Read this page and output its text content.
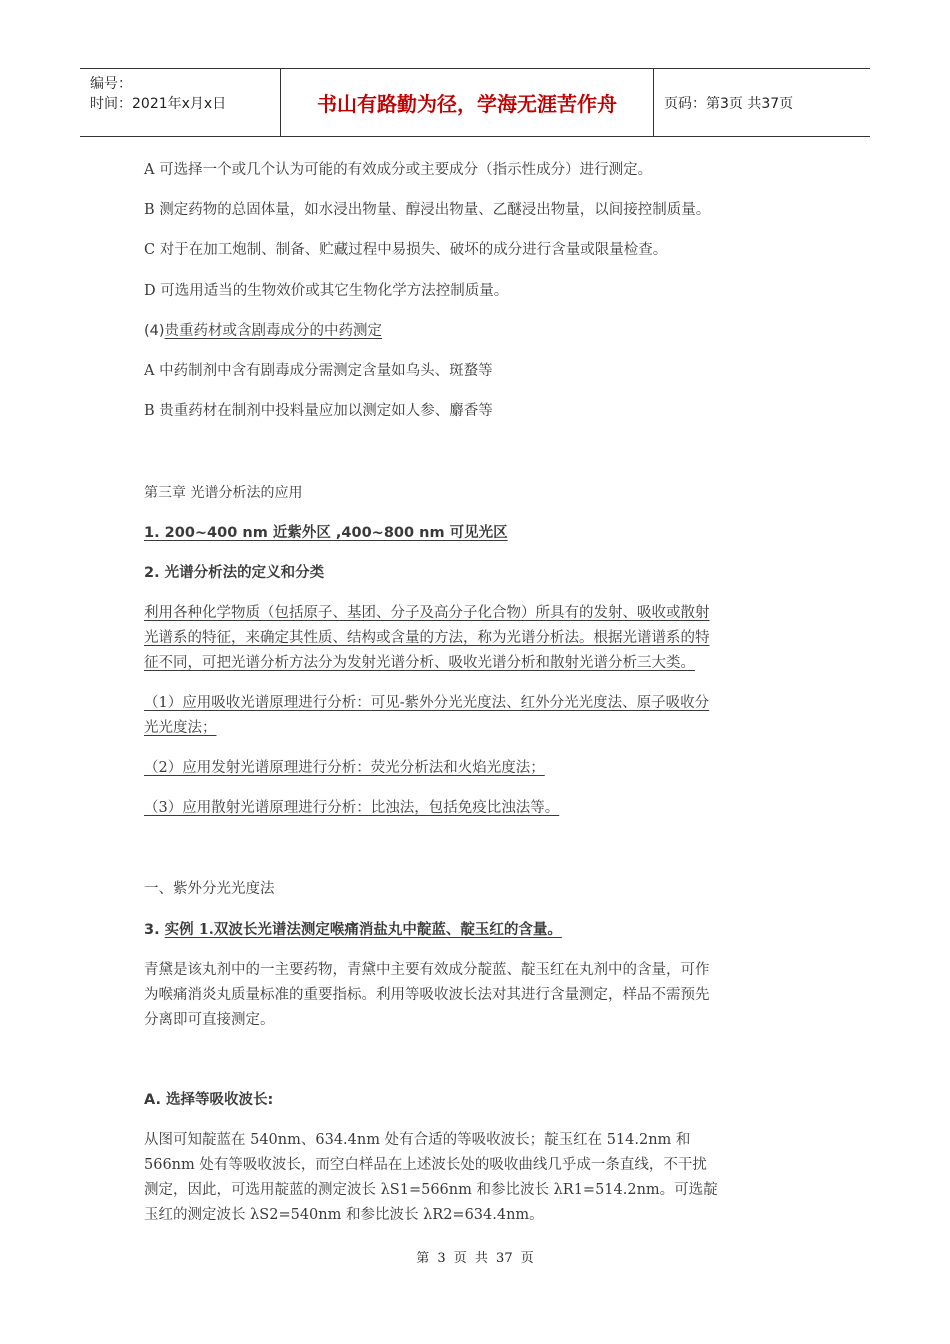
编号：
时间：2021年x月x日	书山有路勤为径，学海无涯苦作舟	页码：第3页 共37页
A 可选择一个或几个认为可能的有效成分或主要成分（指示性成分）进行测定。
B 测定药物的总固体量，如水浸出物量、醇浸出物量、乙醚浸出物量，以间接控制质量。
C 对于在加工炮制、制备、贮藏过程中易损失、破坏的成分进行含量或限量检查。
D 可选用适当的生物效价或其它生物化学方法控制质量。
(4)贵重药材或含剧毒成分的中药测定
A 中药制剂中含有剧毒成分需测定含量如乌头、斑蝥等
B 贵重药材在制剂中投料量应加以测定如人参、麝香等
第三章 光谱分析法的应用
1. 200~400 nm 近紫外区 ,400~800 nm 可见光区
2. 光谱分析法的定义和分类
利用各种化学物质（包括原子、基团、分子及高分子化合物）所具有的发射、吸收或散射
光谱系的特征，来确定其性质、结构或含量的方法，称为光谱分析法。根据光谱谱系的特
征不同，可把光谱分析方法分为发射光谱分析、吸收光谱分析和散射光谱分析三大类。
（1）应用吸收光谱原理进行分析：可见-紫外分光光度法、红外分光光度法、原子吸收分
光光度法；
（2）应用发射光谱原理进行分析：荧光分析法和火焰光度法；
（3）应用散射光谱原理进行分析：比浊法，包括免疫比浊法等。
一、紫外分光光度法
3. 实例 1.双波长光谱法测定喉痛消盐丸中靛蓝、靛玉红的含量。
青黛是该丸剂中的一主要药物，青黛中主要有效成分靛蓝、靛玉红在丸剂中的含量，可作
为喉痛消炎丸质量标准的重要指标。利用等吸收波长法对其进行含量测定，样品不需预先
分离即可直接测定。
A. 选择等吸收波长:
从图可知靛蓝在 540nm、634.4nm 处有合适的等吸收波长；靛玉红在 514.2nm 和
566nm 处有等吸收波长，而空白样品在上述波长处的吸收曲线几乎成一条直线，不干扰
测定，因此，可选用靛蓝的测定波长 λS1=566nm 和参比波长 λR1=514.2nm。可选靛
玉红的测定波长 λS2=540nm 和参比波长 λR2=634.4nm。
第 3 页 共 37 页
